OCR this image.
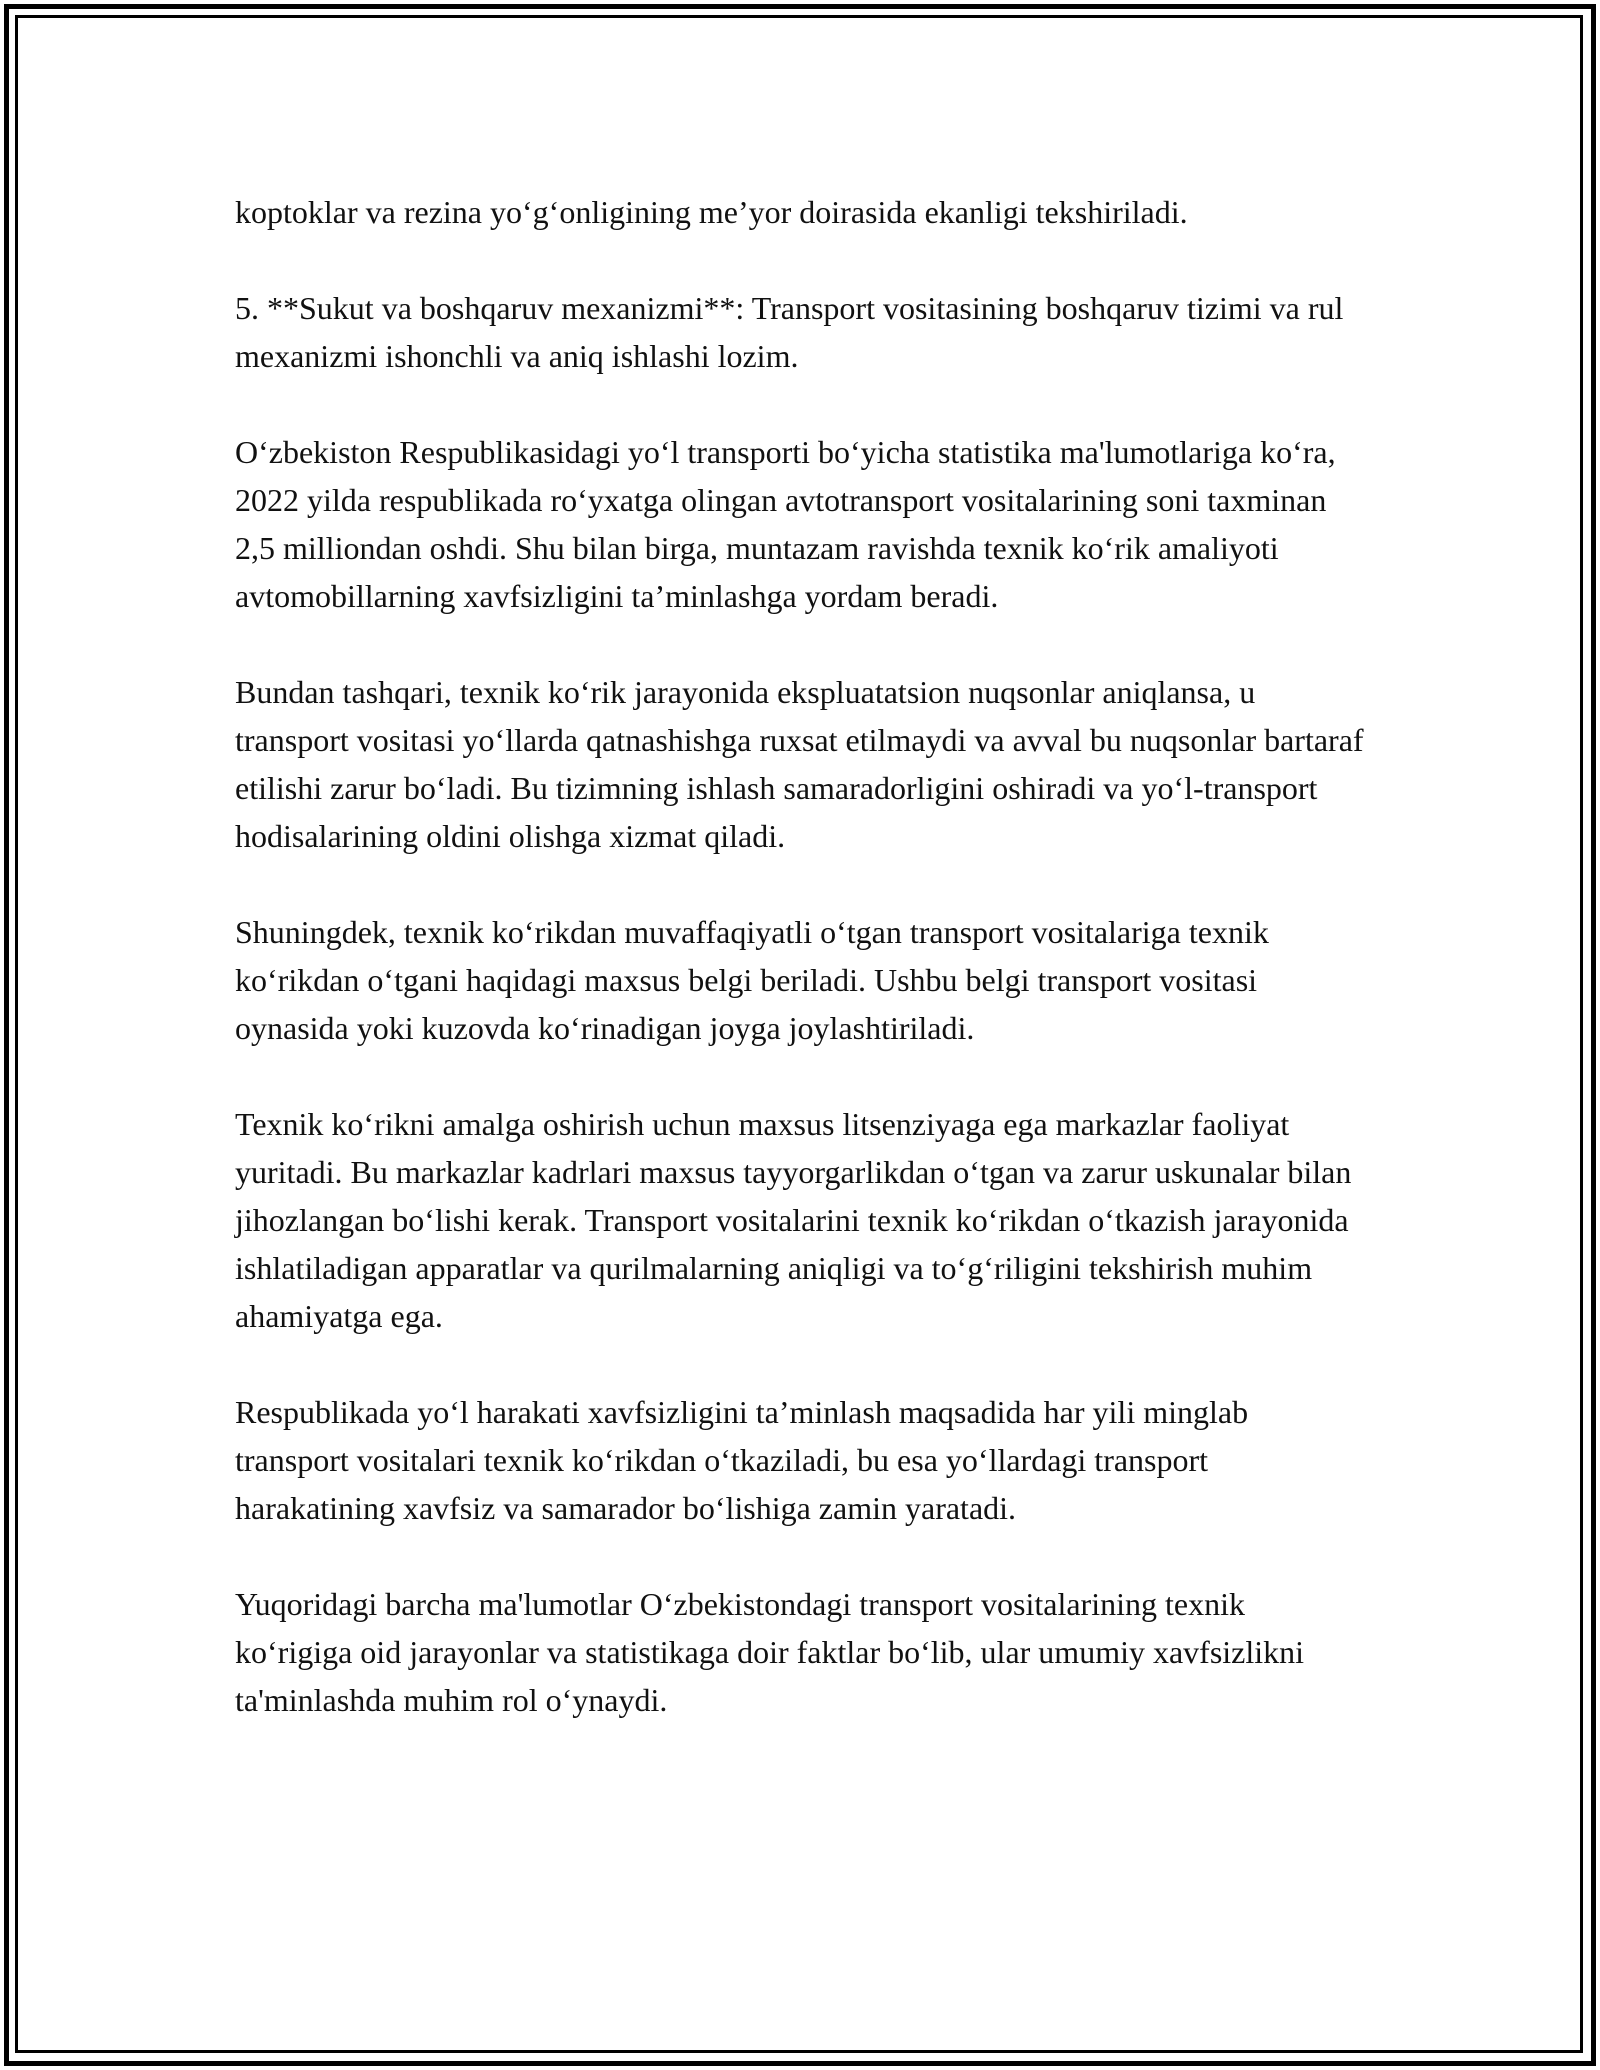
koptoklar va rezina yo‘g‘onligining me’yor doirasida ekanligi tekshiriladi.

5. **Sukut va boshqaruv mexanizmi**: Transport vositasining boshqaruv tizimi va rul mexanizmi ishonchli va aniq ishlashi lozim.

O‘zbekiston Respublikasidagi yo‘l transporti bo‘yicha statistika ma'lumotlariga ko‘ra, 2022 yilda respublikada ro‘yxatga olingan avtotransport vositalarining soni taxminan 2,5 milliondan oshdi. Shu bilan birga, muntazam ravishda texnik ko‘rik amaliyoti avtomobillarning xavfsizligini ta’minlashga yordam beradi.

Bundan tashqari, texnik ko‘rik jarayonida ekspluatatsion nuqsonlar aniqlansa, u transport vositasi yo‘llarda qatnashishga ruxsat etilmaydi va avval bu nuqsonlar bartaraf etilishi zarur bo‘ladi. Bu tizimning ishlash samaradorligini oshiradi va yo‘l-transport hodisalarining oldini olishga xizmat qiladi.

Shuningdek, texnik ko‘rikdan muvaffaqiyatli o‘tgan transport vositalariga texnik ko‘rikdan o‘tgani haqidagi maxsus belgi beriladi. Ushbu belgi transport vositasi oynasida yoki kuzovda ko‘rinadigan joyga joylashtiriladi.

Texnik ko‘rikni amalga oshirish uchun maxsus litsenziyaga ega markazlar faoliyat yuritadi. Bu markazlar kadrlari maxsus tayyorgarlikdan o‘tgan va zarur uskunalar bilan jihozlangan bo‘lishi kerak. Transport vositalarini texnik ko‘rikdan o‘tkazish jarayonida ishlatiladigan apparatlar va qurilmalarning aniqligi va to‘g‘riligini tekshirish muhim ahamiyatga ega.

Respublikada yo‘l harakati xavfsizligini ta’minlash maqsadida har yili minglab transport vositalari texnik ko‘rikdan o‘tkaziladi, bu esa yo‘llardagi transport harakatining xavfsiz va samarador bo‘lishiga zamin yaratadi.

Yuqoridagi barcha ma'lumotlar O‘zbekistondagi transport vositalarining texnik ko‘rigiga oid jarayonlar va statistikaga doir faktlar bo‘lib, ular umumiy xavfsizlikni ta'minlashda muhim rol o‘ynaydi.
